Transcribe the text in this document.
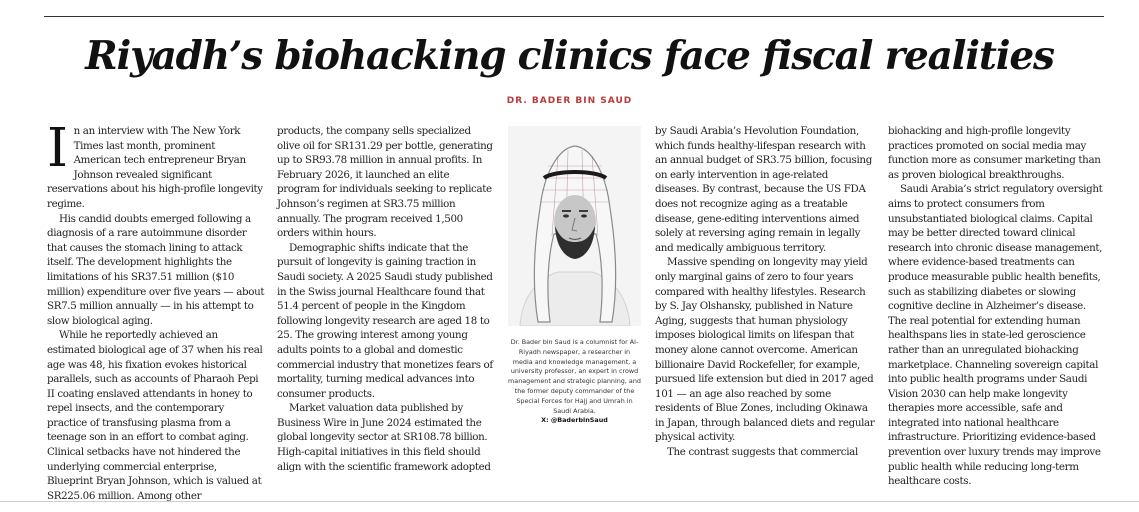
Riyadh’s biohacking clinics face fiscal realities
DR. BADER BIN SAUD

In an interview with The New York Times last month, prominent American tech entrepreneur Bryan Johnson revealed significant reservations about his high-profile longevity regime.

His candid doubts emerged following a diagnosis of a rare autoimmune disorder that causes the stomach lining to attack itself. The development highlights the limitations of his SR37.51 million ($10 million) expenditure over five years — about SR7.5 million annually — in his attempt to slow biological aging.

While he reportedly achieved an estimated biological age of 37 when his real age was 48, his fixation evokes historical parallels, such as accounts of Pharaoh Pepi II coating enslaved attendants in honey to repel insects, and the contemporary practice of transfusing plasma from a teenage son in an effort to combat aging. Clinical setbacks have not hindered the underlying commercial enterprise, Blueprint Bryan Johnson, which is valued at SR225.06 million. Among other

products, the company sells specialized olive oil for SR131.29 per bottle, generating up to SR93.78 million in annual profits. In February 2026, it launched an elite program for individuals seeking to replicate Johnson’s regimen at SR3.75 million annually. The program received 1,500 orders within hours.

Demographic shifts indicate that the pursuit of longevity is gaining traction in Saudi society. A 2025 Saudi study published in the Swiss journal Healthcare found that 51.4 percent of people in the Kingdom following longevity research are aged 18 to 25. The growing interest among young adults points to a global and domestic commercial industry that monetizes fears of mortality, turning medical advances into consumer products.

Market valuation data published by Business Wire in June 2024 estimated the global longevity sector at SR108.78 billion. High-capital initiatives in this field should align with the scientific framework adopted

Dr. Bader bin Saud is a columnist for Al-Riyadh newspaper, a researcher in media and knowledge management, a university professor, an expert in crowd management and strategic planning, and the former deputy commander of the Special Forces for Hajj and Umrah in Saudi Arabia.
X: @BaderbinSaud

by Saudi Arabia’s Hevolution Foundation, which funds healthy-lifespan research with an annual budget of SR3.75 billion, focusing on early intervention in age-related diseases. By contrast, because the US FDA does not recognize aging as a treatable disease, gene-editing interventions aimed solely at reversing aging remain in legally and medically ambiguous territory.

Massive spending on longevity may yield only marginal gains of zero to four years compared with healthy lifestyles. Research by S. Jay Olshansky, published in Nature Aging, suggests that human physiology imposes biological limits on lifespan that money alone cannot overcome. American billionaire David Rockefeller, for example, pursued life extension but died in 2017 aged 101 — an age also reached by some residents of Blue Zones, including Okinawa in Japan, through balanced diets and regular physical activity.

The contrast suggests that commercial

biohacking and high-profile longevity practices promoted on social media may function more as consumer marketing than as proven biological breakthroughs.

Saudi Arabia’s strict regulatory oversight aims to protect consumers from unsubstantiated biological claims. Capital may be better directed toward clinical research into chronic disease management, where evidence-based treatments can produce measurable public health benefits, such as stabilizing diabetes or slowing cognitive decline in Alzheimer’s disease. The real potential for extending human healthspans lies in state-led geroscience rather than an unregulated biohacking marketplace. Channeling sovereign capital into public health programs under Saudi Vision 2030 can help make longevity therapies more accessible, safe and integrated into national healthcare infrastructure. Prioritizing evidence-based prevention over luxury trends may improve public health while reducing long-term healthcare costs.
